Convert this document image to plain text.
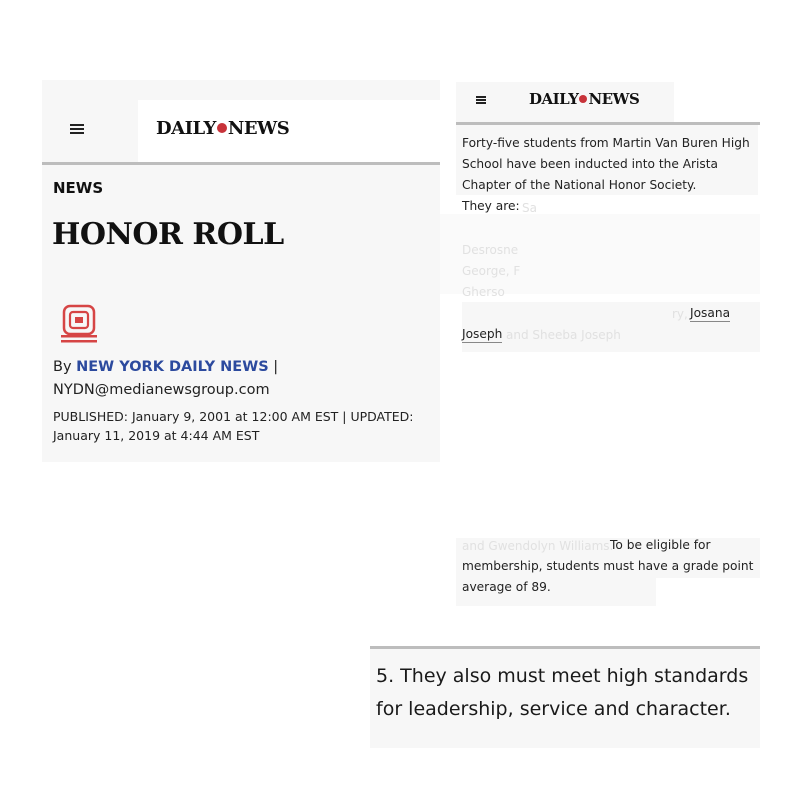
DAILY NEWS
NEWS
HONOR ROLL
By NEW YORK DAILY NEWS |
NYDN@medianewsgroup.com
PUBLISHED: January 9, 2001 at 12:00 AM EST | UPDATED: January 11, 2019 at 4:44 AM EST
DAILY NEWS
Forty-five students from Martin Van Buren High School have been inducted into the Arista Chapter of the National Honor Society.
They are: Sa
Desrosne
George, F
Gherso
ry,
and Sheeba Joseph
and Gwendolyn Williams.
Josana
Joseph
To be eligible for membership, students must have a grade point average of 89.
5. They also must meet high standards for leadership, service and character.
